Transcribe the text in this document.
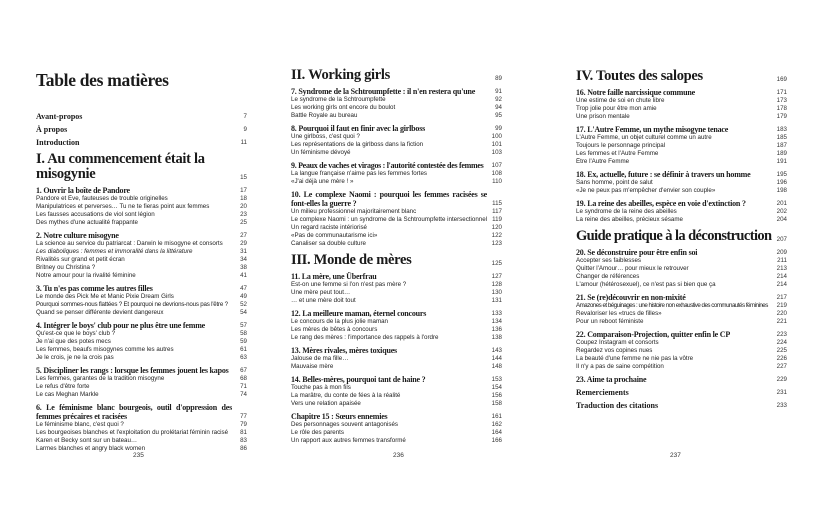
Table des matières
Avant-propos	7
À propos	9
Introduction	11
I. Au commencement était la misogynie	15
1. Ouvrir la boîte de Pandore	17
Pandore et Ève, fauteuses de trouble originelles	18
Manipulatrices et perverses… Tu ne te fieras point aux femmes	20
Les fausses accusations de viol sont légion	23
Des mythes d'une actualité frappante	25
2. Notre culture misogyne	27
La science au service du patriarcat : Darwin le misogyne et consorts	29
Les diaboliques : femmes et immoralité dans la littérature	31
Rivalités sur grand et petit écran	34
Britney ou Christina ?	38
Notre amour pour la rivalité féminine	41
3. Tu n'es pas comme les autres filles	47
Le monde des Pick Me et Manic Pixie Dream Girls	49
Pourquoi sommes-nous flattées ? Et pourquoi ne devrions-nous pas l'être ?	52
Quand se penser différente devient dangereux	54
4. Intégrer le boys' club pour ne plus être une femme	57
Qu'est-ce que le boys' club ?	58
Je n'ai que des potes mecs	59
Les femmes, beaufs misogynes comme les autres	61
Je le crois, je ne la crois pas	63
5. Discipliner les rangs : lorsque les femmes jouent les kapos	67
Les femmes, garantes de la tradition misogyne	68
Le refus d'être forte	71
Le cas Meghan Markle	74
6. Le féminisme blanc bourgeois, outil d'oppression des femmes précaires et racisées	77
Le féminisme blanc, c'est quoi ?	79
Les bourgeoises blanches et l'exploitation du prolétariat féminin racisé	81
Karen et Becky sont sur un bateau…	83
Larmes blanches et angry black women	86
II. Working girls	89
7. Syndrome de la Schtroumpfette : il n'en restera qu'une	91
Le syndrome de la Schtroumpfette	92
Les working girls ont encore du boulot	94
Battle Royale au bureau	95
8. Pourquoi il faut en finir avec la girlboss	99
Une girlboss, c'est quoi ?	100
Les représentations de la girlboss dans la fiction	101
Un féminisme dévoyé	103
9. Peaux de vaches et viragos : l'autorité contestée des femmes	107
La langue française n'aime pas les femmes fortes	108
«J'ai déjà une mère ! »	110
10. Le complexe Naomi : pourquoi les femmes racisées se font-elles la guerre ?	115
Un milieu professionnel majoritairement blanc	117
Le complexe Naomi : un syndrome de la Schtroumpfette intersectionnel 119
Un regard raciste intériorisé	120
«Pas de communautarisme ici»	122
Canaliser sa double culture	123
III. Monde de mères	125
11. La mère, une Überfrau	127
Est-on une femme si l'on n'est pas mère ?	128
Une mère peut tout…	130
… et une mère doit tout	131
12. La meilleure maman, éternel concours	133
Le concours de la plus jolie maman	134
Les mères de bêtes à concours	136
Le rang des mères : l'importance des rappels à l'ordre	138
13. Mères rivales, mères toxiques	143
Jalouse de ma fille…	144
Mauvaise mère	148
14. Belles-mères, pourquoi tant de haine ?	153
Touche pas à mon fils	154
La marâtre, du conte de fées à la réalité	156
Vers une relation apaisée	158
Chapitre 15 : Sœurs ennemies	161
Des personnages souvent antagonisés	162
Le rôle des parents	164
Un rapport aux autres femmes transformé	166
IV. Toutes des salopes	169
16. Notre faille narcissique commune	171
Une estime de soi en chute libre	173
Trop jolie pour être mon amie	178
Une prison mentale	179
17. L'Autre Femme, un mythe misogyne tenace	183
L'Autre Femme, un objet culturel comme un autre	185
Toujours le personnage principal	187
Les femmes et l'Autre Femme	189
Être l'Autre Femme	191
18. Ex, actuelle, future : se définir à travers un homme	195
Sans homme, point de salut	196
«Je ne peux pas m'empêcher d'envier son couple»	198
19. La reine des abeilles, espèce en voie d'extinction ?	201
Le syndrome de la reine des abeilles	202
La reine des abeilles, précieux sésame	204
Guide pratique à la déconstruction 207
20. Se déconstruire pour être enfin soi	209
Accepter ses faiblesses	211
Quitter l'Amour… pour mieux le retrouver	213
Changer de références	214
L'amour (hétérosexuel), ce n'est pas si bien que ça	214
21. Se (re)découvrir en non-mixité	217
Amazones et béguinages : une histoire non exhaustive des communautés féminines	219
Revaloriser les «trucs de filles»	220
Pour un reboot féministe	221
22. Comparaison-Projection, quitter enfin le CP	223
Coupez Instagram et consorts	224
Regardez vos copines nues	225
La beauté d'une femme ne nie pas la vôtre	226
Il n'y a pas de saine compétition	227
23. Aime ta prochaine	229
Remerciements	231
Traduction des citations	233
235	236	237
